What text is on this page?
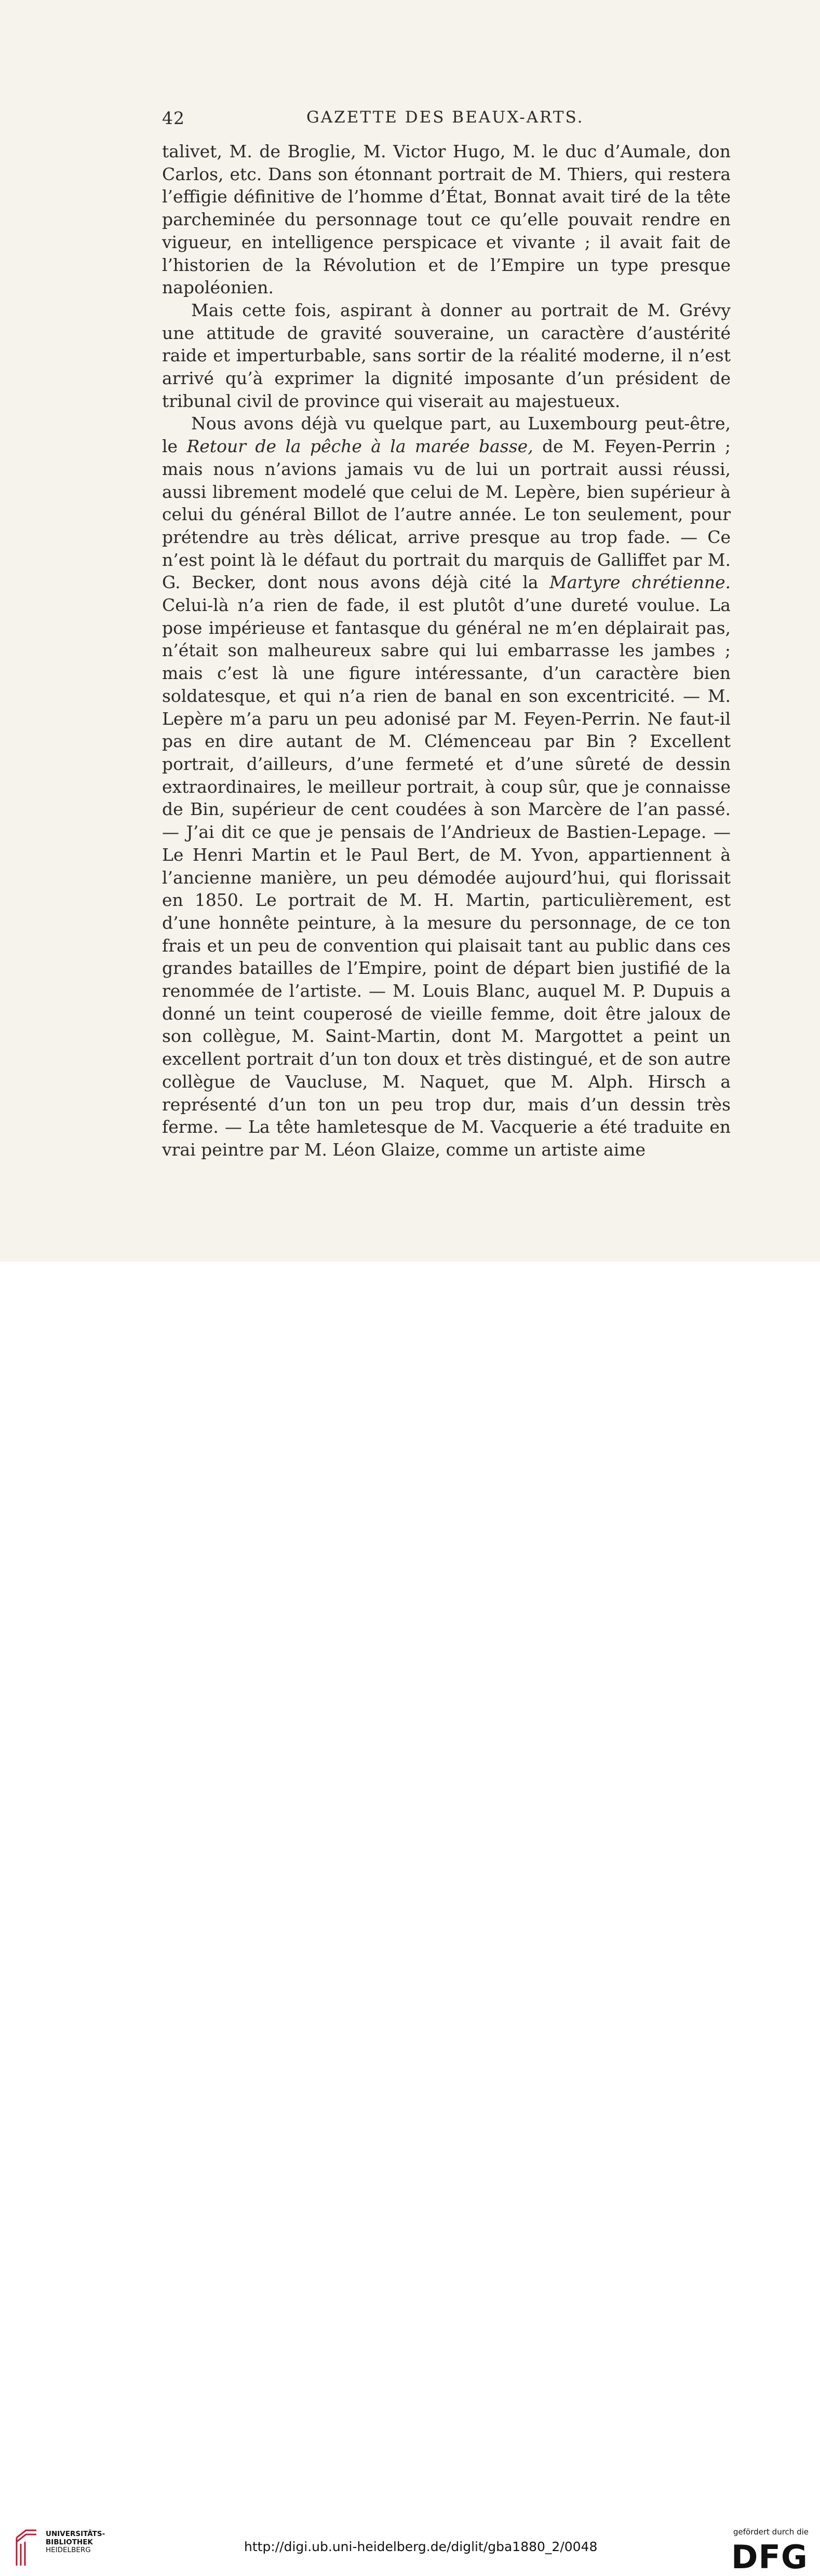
42	GAZETTE DES BEAUX-ARTS.

talivet, M. de Broglie, M. Victor Hugo, M. le duc d’Aumale, don Carlos, etc. Dans son étonnant portrait de M. Thiers, qui restera l’effigie définitive de l’homme d’État, Bonnat avait tiré de la tête parcheminée du personnage tout ce qu’elle pouvait rendre en vigueur, en intelligence perspicace et vivante ; il avait fait de l’historien de la Révolution et de l’Empire un type presque napoléonien.

Mais cette fois, aspirant à donner au portrait de M. Grévy une attitude de gravité souveraine, un caractère d’austérité raide et imperturbable, sans sortir de la réalité moderne, il n’est arrivé qu’à exprimer la dignité imposante d’un président de tribunal civil de province qui viserait au majestueux.

Nous avons déjà vu quelque part, au Luxembourg peut-être, le Retour de la pêche à la marée basse, de M. Feyen-Perrin ; mais nous n’avions jamais vu de lui un portrait aussi réussi, aussi librement modelé que celui de M. Lepère, bien supérieur à celui du général Billot de l’autre année. Le ton seulement, pour prétendre au très délicat, arrive presque au trop fade. — Ce n’est point là le défaut du portrait du marquis de Galliffet par M. G. Becker, dont nous avons déjà cité la Martyre chrétienne. Celui-là n’a rien de fade, il est plutôt d’une dureté voulue. La pose impérieuse et fantasque du général ne m’en déplairait pas, n’était son malheureux sabre qui lui embarrasse les jambes ; mais c’est là une figure intéressante, d’un caractère bien soldatesque, et qui n’a rien de banal en son excentricité. — M. Lepère m’a paru un peu adonisé par M. Feyen-Perrin. Ne faut-il pas en dire autant de M. Clémenceau par Bin ? Excellent portrait, d’ailleurs, d’une fermeté et d’une sûreté de dessin extraordinaires, le meilleur portrait, à coup sûr, que je connaisse de Bin, supérieur de cent coudées à son Marcère de l’an passé. — J’ai dit ce que je pensais de l’Andrieux de Bastien-Lepage. — Le Henri Martin et le Paul Bert, de M. Yvon, appartiennent à l’ancienne manière, un peu démodée aujourd’hui, qui florissait en 1850. Le portrait de M. H. Martin, particulièrement, est d’une honnête peinture, à la mesure du personnage, de ce ton frais et un peu de convention qui plaisait tant au public dans ces grandes batailles de l’Empire, point de départ bien justifié de la renommée de l’artiste. — M. Louis Blanc, auquel M. P. Dupuis a donné un teint couperosé de vieille femme, doit être jaloux de son collègue, M. Saint-Martin, dont M. Margottet a peint un excellent portrait d’un ton doux et très distingué, et de son autre collègue de Vaucluse, M. Naquet, que M. Alph. Hirsch a représenté d’un ton un peu trop dur, mais d’un dessin très ferme. — La tête hamletesque de M. Vacquerie a été traduite en vrai peintre par M. Léon Glaize, comme un artiste aime

UNIVERSITÄTS-
BIBLIOTHEK
HEIDELBERG	http://digi.ub.uni-heidelberg.de/diglit/gba1880_2/0048
gefördert durch die
DFG
